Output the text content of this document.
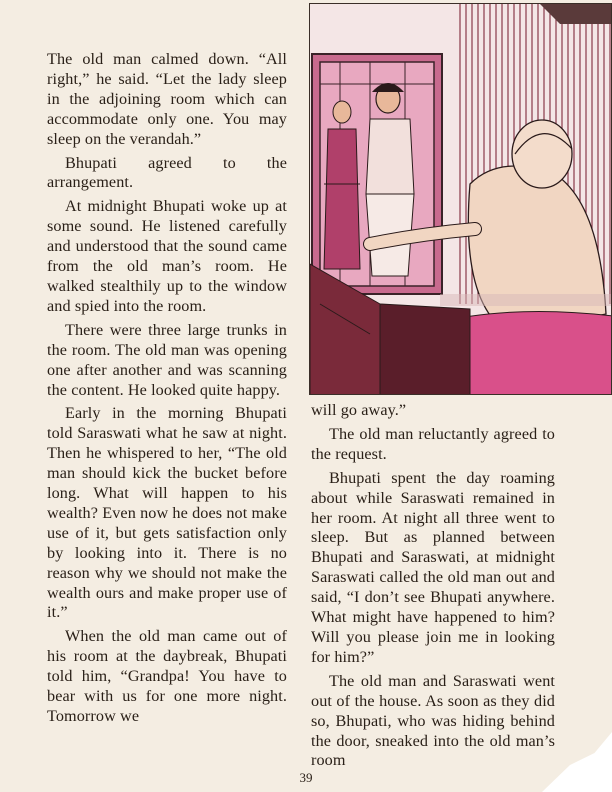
The old man calmed down. “All right,” he said. “Let the lady sleep in the adjoining room which can accommodate only one. You may sleep on the verandah.”

Bhupati agreed to the arrangement.

At midnight Bhupati woke up at some sound. He listened carefully and understood that the sound came from the old man’s room. He walked stealthily up to the window and spied into the room.

There were three large trunks in the room. The old man was opening one after another and was scanning the content. He looked quite happy.

Early in the morning Bhupati told Saraswati what he saw at night. Then he whispered to her, “The old man should kick the bucket before long. What will happen to his wealth? Even now he does not make use of it, but gets satisfaction only by looking into it. There is no reason why we should not make the wealth ours and make proper use of it.”

When the old man came out of his room at the daybreak, Bhupati told him, “Grandpa! You have to bear with us for one more night. Tomorrow we

will go away.”

The old man reluctantly agreed to the request.

Bhupati spent the day roaming about while Saraswati remained in her room. At night all three went to sleep. But as planned between Bhupati and Saraswati, at midnight Saraswati called the old man out and said, “I don’t see Bhupati anywhere. What might have happened to him? Will you please join me in looking for him?”

The old man and Saraswati went out of the house. As soon as they did so, Bhupati, who was hiding behind the door, sneaked into the old man’s room

39
